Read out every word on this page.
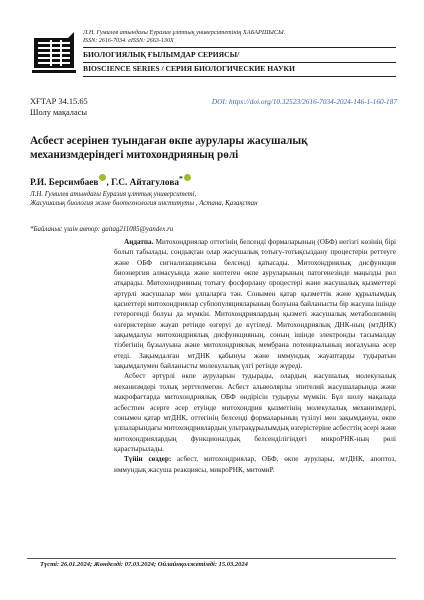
Л.Н. Гумилев атындағы Еуразия ұлттық университетінің ХАБАРШЫСЫ.
ISSN: 2616-7034. eISSN: 2663-130X
БИОЛОГИЯЛЫҚ ҒЫЛЫМДАР СЕРИЯСЫ/
BIOSCIENCE SERIES / СЕРИЯ БИОЛОГИЧЕСКИЕ НАУКИ
ХҒТАР 34.15.65
Шолу мақаласы
DOI: https://doi.org/10.32523/2616-7034-2024-146-1-160-187
Асбест әсерінен туындаған өкпе аурулары жасушалық механизмдеріндегі митохондрияның рөлі
Р.И. Берсимбаев , Г.С. Айтагулова*
Л.Н. Гумилев атындағы Еуразия ұлттық университеті,
Жасушалық биология және биотехнология институты , Астана, Қазақстан
*Байланыс үшін автор: gaitag211085@yandex.ru

Аңдатпа. Митохондриялар оттегінің белсенді формаларының (ОБФ) негізгі көзінің бірі болып табылады, сондықтан олар жасушалық тотығу-тотықсыздану процестерін реттеуге және ОБФ сигнализациясына белсенді қатысады. Митохондриялық дисфункция биоэнергия алмасуында және көптеген өкпе ауруларының патогенезінде маңызды рөл атқарады. Митохондрияның тотығу фосфорлану процестері және жасушалық қызметтері әртүрлі жасушалар мен ұлпаларға тән. Сонымен қатар қызметтік және құрылымдық қасиеттері митохондриялар субпопуляцияларының болуына байланысты бір жасуша ішінде гетерогенді болуы да мүмкін. Митохондриялардың қызметі жасушалық метаболизмнің өзгеристеріне жауап ретінде өзгеруі де күтіледі. Митохондриялық ДНК-ның (мтДНК) зақымдалуы митохондриялық дисфункцияның, соның ішінде электронды тасымалдау тізбегінің бұзылуына және митохондриялық мембрана потенциалының жоғалуына әсер етеді. Зақымдалған мтДНК қабынуы және иммундық жауаптарды тудыратын зақымдалумен байланысты молекулалық үлгі ретінде жүреді.

Асбест әртүрлі өкпе ауруларын тудырады, олардың жасушалық молекулалық механизмдері толық зерттелмеген. Асбест альвеолярлы эпителий жасушаларында және макрофагтарда митохондриялық ОБФ өндірісін тудыруы мүмкін. Бұл шолу мақалада асбестпен әсерге әсер етуінде митохондрия қызметінің молекулалық механизмдері, сонымен қатар мтДНК, оттегінің белсенді формаларының түзілуі мен зақымдануы, өкпе ұлпаларындағы митохондриялардың ультрақұрылымдық өзгерістеріне асбесттің әсері және митохондриялардың функционалдық белсенділігіндегі микроРНК-ның рөлі қарастырылады.

Түйін сөздер: асбест, митохондриялар, ОБФ, өкпе аурулары, мтДНК, апоптоз, иммундық жасуша реакциясы, микроРНК, митомиР.

Түсті: 26.01.2024; Жөнделді: 07.03.2024; Ойлайнқолжетімді: 15.03.2024
